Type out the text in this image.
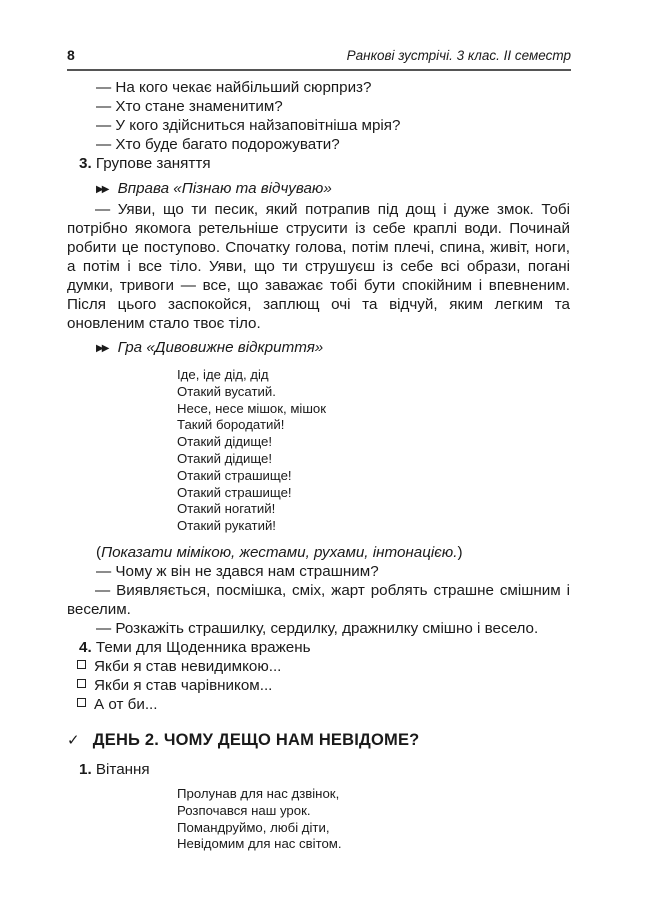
8	Ранкові зустрічі. 3 клас. ІІ семестр
— На кого чекає найбільший сюрприз?
— Хто стане знаменитим?
— У кого здійсниться найзаповітніша мрія?
— Хто буде багато подорожувати?
3. Групове заняття
▶▶ Вправа «Пізнаю та відчуваю»
— Уяви, що ти песик, який потрапив під дощ і дуже змок. Тобі потрібно якомога ретельніше струсити із себе краплі води. Починай робити це поступово. Спочатку голова, потім плечі, спина, живіт, ноги, а потім і все тіло. Уяви, що ти струшуєш із себе всі образи, погані думки, тривоги — все, що заважає тобі бути спокійним і впевненим. Після цього заспокойся, заплющ очі та відчуй, яким легким та оновленим стало твоє тіло.
▶▶ Гра «Дивовижне відкриття»
Іде, іде дід, дід
Отакий вусатий.
Несе, несе мішок, мішок
Такий бородатий!
Отакий дідище!
Отакий дідище!
Отакий страшище!
Отакий страшище!
Отакий ногатий!
Отакий рукатий!
(Показати мімікою, жестами, рухами, інтонацією.)
— Чому ж він не здався нам страшним?
— Виявляється, посмішка, сміх, жарт роблять страшне смішним і веселим.
— Розкажіть страшилку, сердилку, дражнилку смішно і весело.
4. Теми для Щоденника вражень
Якби я став невидимкою...
Якби я став чарівником...
А от би...
✓ ДЕНЬ 2. ЧОМУ ДЕЩО НАМ НЕВІДОМЕ?
1. Вітання
Пролунав для нас дзвінок,
Розпочався наш урок.
Помандруймо, любі діти,
Невідомим для нас світом.
